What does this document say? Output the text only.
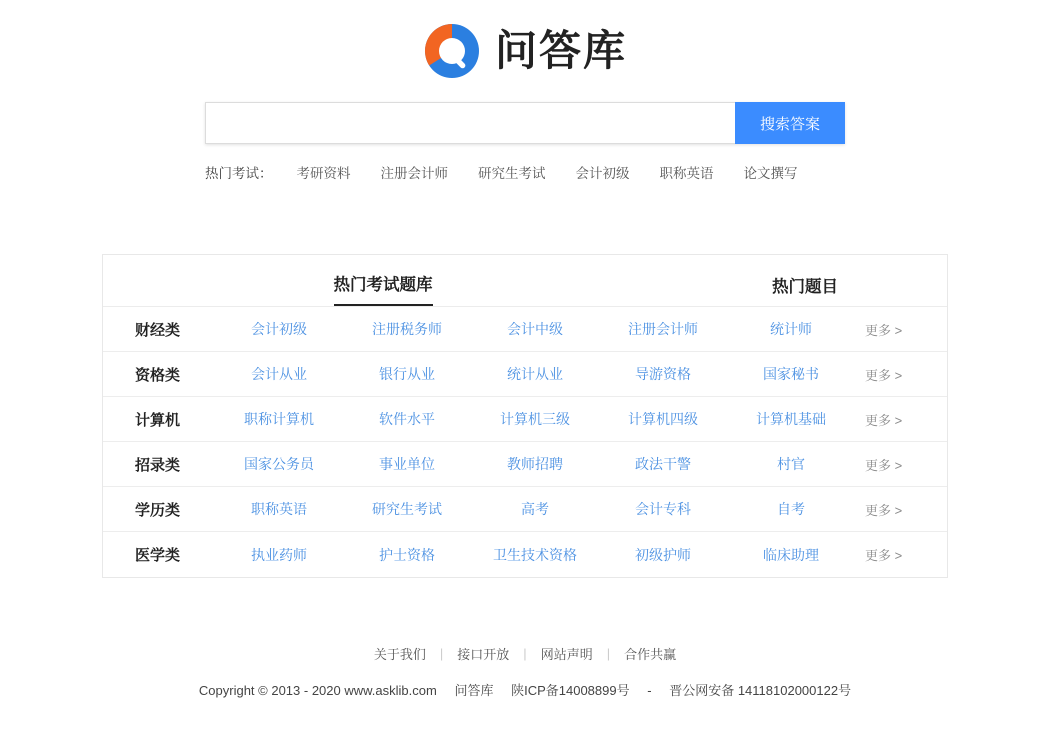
问答库
搜索答案
热门考试： 考研资料 注册会计师 研究生考试 会计初级 职称英语 论文撰写
热门考试题库	热门题目
财经类	会计初级	注册税务师	会计中级	注册会计师	统计师	更多 >
资格类	会计从业	银行从业	统计从业	导游资格	国家秘书	更多 >
计算机	职称计算机	软件水平	计算机三级	计算机四级	计算机基础	更多 >
招录类	国家公务员	事业单位	教师招聘	政法干警	村官	更多 >
学历类	职称英语	研究生考试	高考	会计专科	自考	更多 >
医学类	执业药师	护士资格	卫生技术资格	初级护师	临床助理	更多 >
关于我们	|	接口开放	|	网站声明	|	合作共赢
Copyright © 2013 - 2020 www.asklib.com 问答库 陕ICP备14008899号 - 晋公网安备 14118102000122号
